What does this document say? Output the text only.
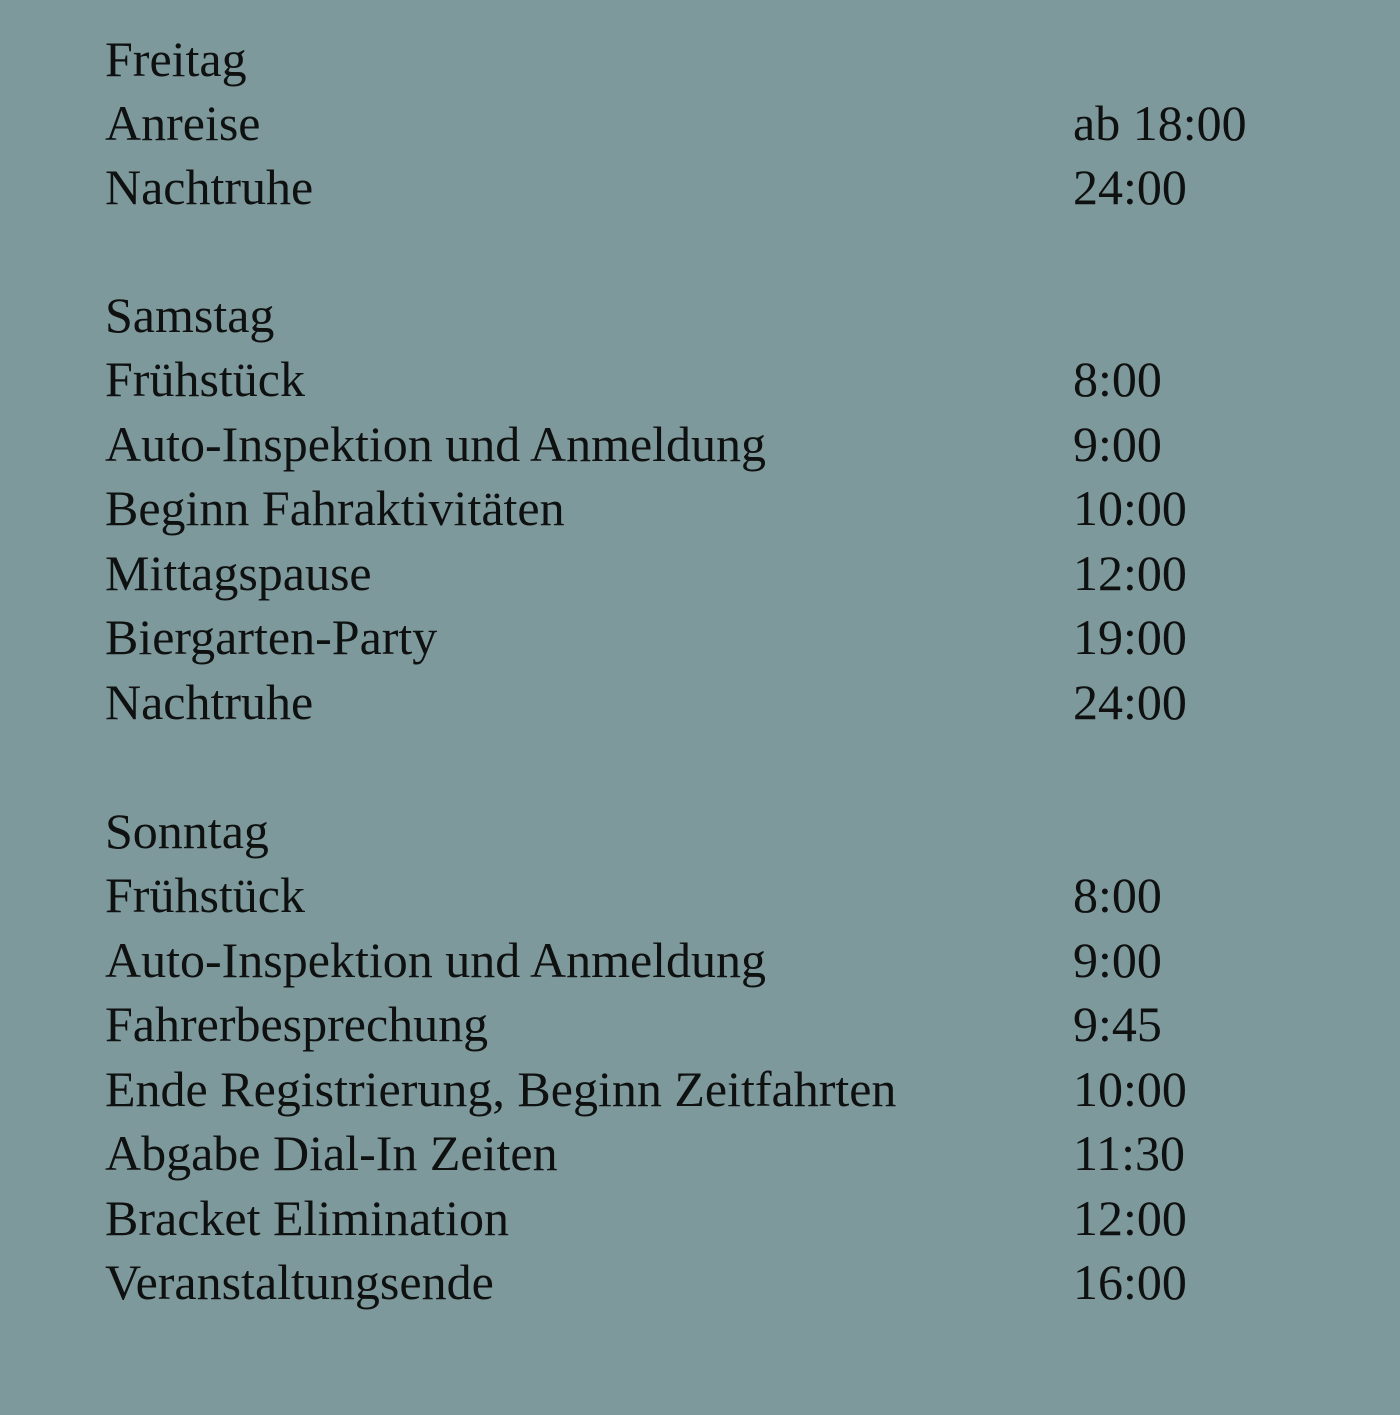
Freitag
Anreise	ab 18:00
Nachtruhe	24:00
Samstag
Frühstück	8:00
Auto-Inspektion und Anmeldung	9:00
Beginn Fahraktivitäten	10:00
Mittagspause	12:00
Biergarten-Party	19:00
Nachtruhe	24:00
Sonntag
Frühstück	8:00
Auto-Inspektion und Anmeldung	9:00
Fahrerbesprechung	9:45
Ende Registrierung, Beginn Zeitfahrten	10:00
Abgabe Dial-In Zeiten	11:30
Bracket Elimination	12:00
Veranstaltungsende	16:00
